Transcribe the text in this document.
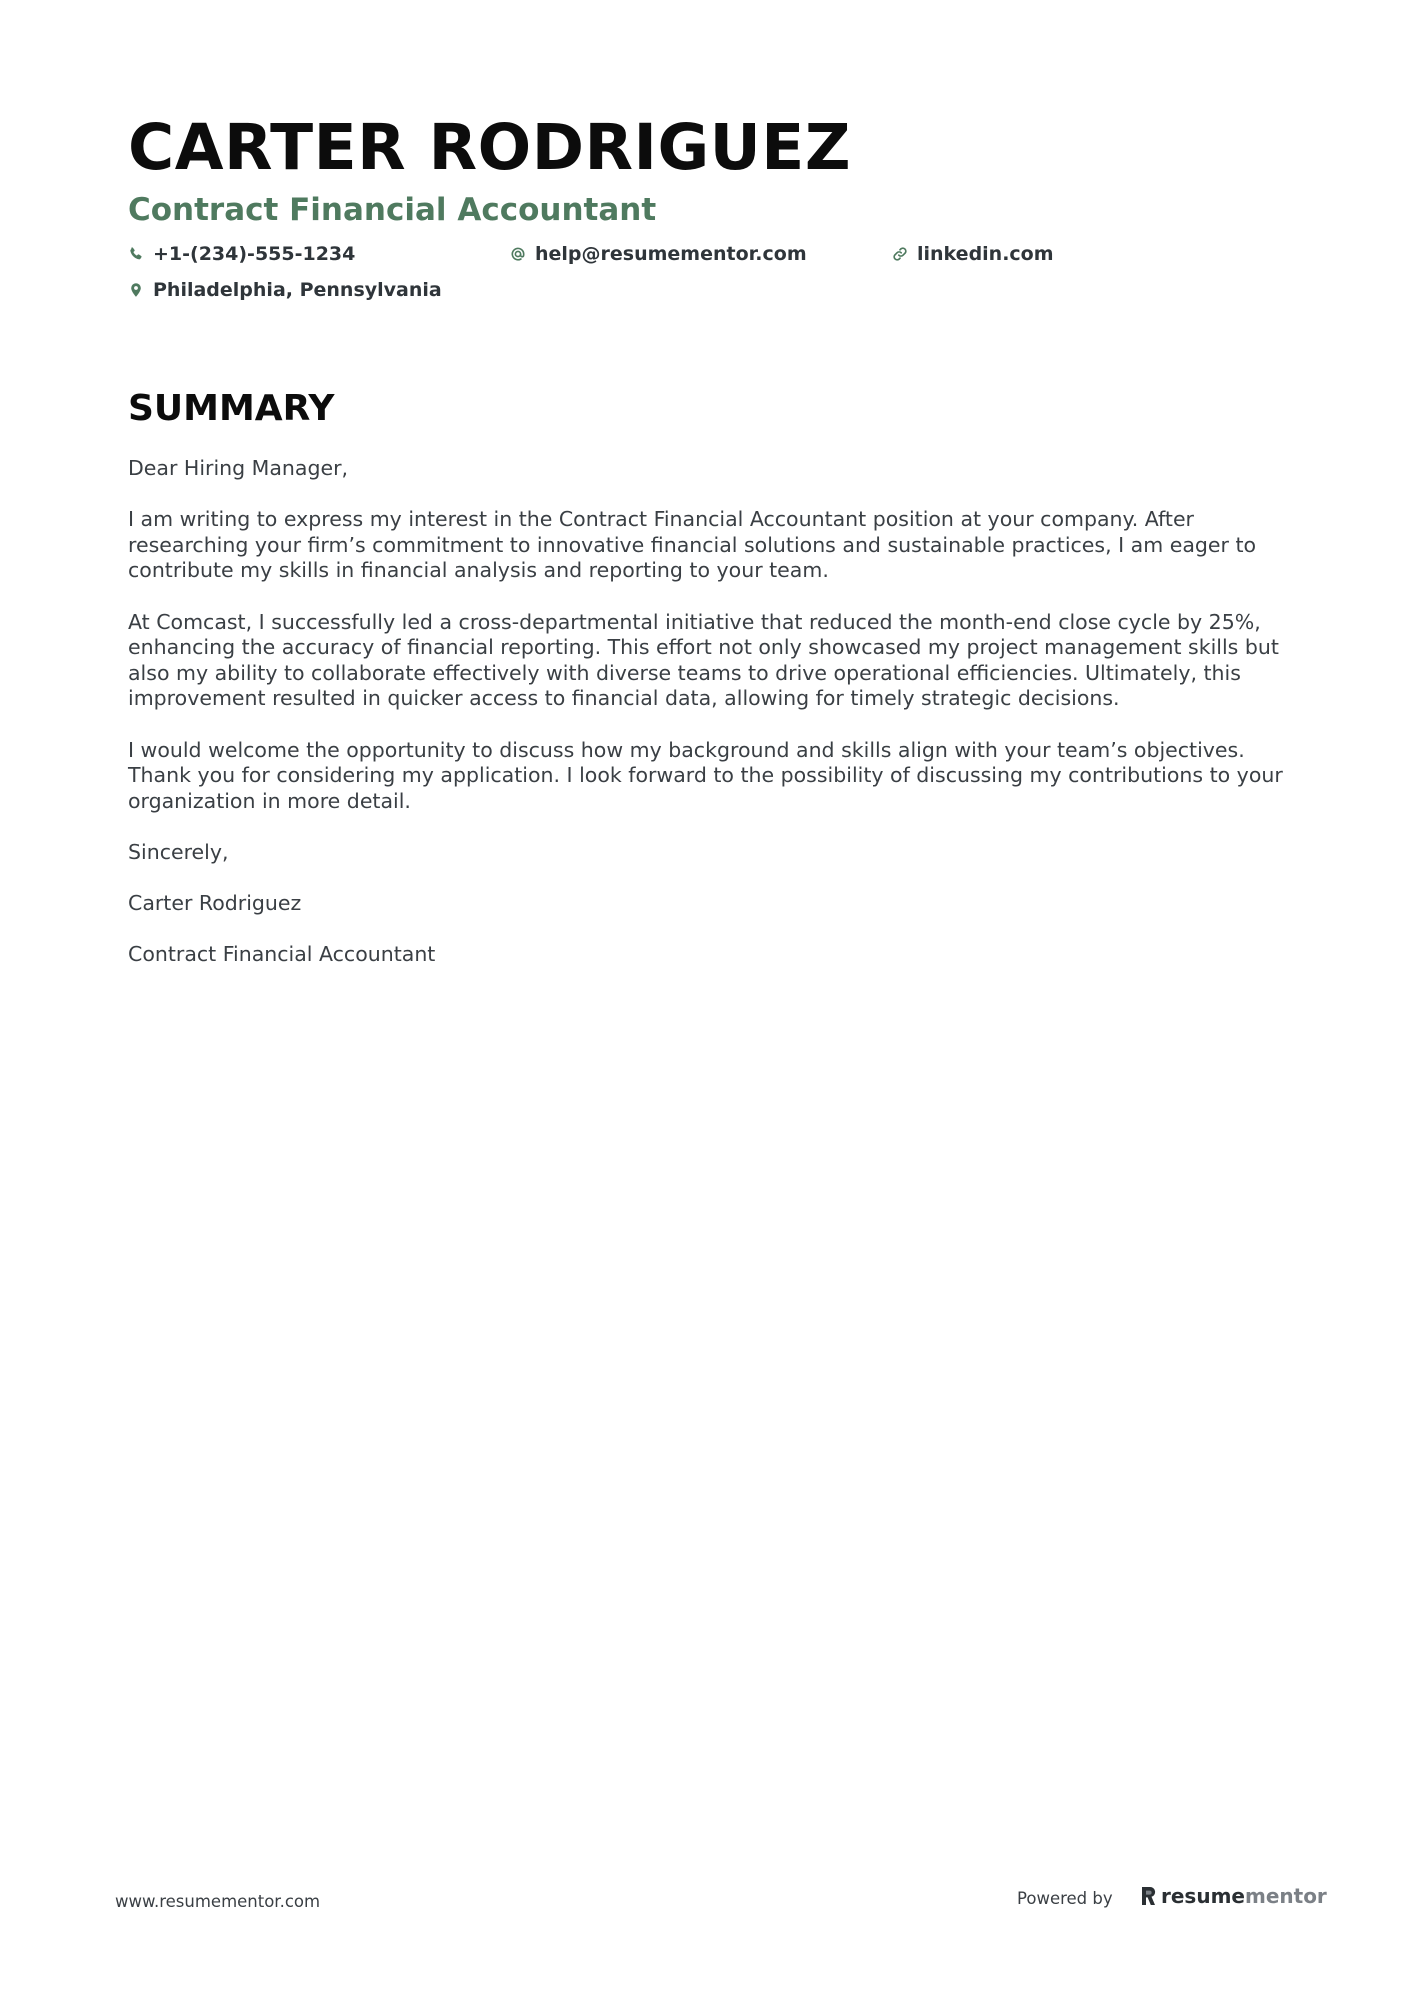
CARTER RODRIGUEZ
Contract Financial Accountant
+1-(234)-555-1234	help@resumementor.com	linkedin.com
Philadelphia, Pennsylvania
SUMMARY

Dear Hiring Manager,

I am writing to express my interest in the Contract Financial Accountant position at your company. After researching your firm’s commitment to innovative financial solutions and sustainable practices, I am eager to contribute my skills in financial analysis and reporting to your team.

At Comcast, I successfully led a cross-departmental initiative that reduced the month-end close cycle by 25%, enhancing the accuracy of financial reporting. This effort not only showcased my project management skills but also my ability to collaborate effectively with diverse teams to drive operational efficiencies. Ultimately, this improvement resulted in quicker access to financial data, allowing for timely strategic decisions.

I would welcome the opportunity to discuss how my background and skills align with your team’s objectives. Thank you for considering my application. I look forward to the possibility of discussing my contributions to your organization in more detail.

Sincerely,

Carter Rodriguez

Contract Financial Accountant

www.resumementor.com	Powered by resume mentor
